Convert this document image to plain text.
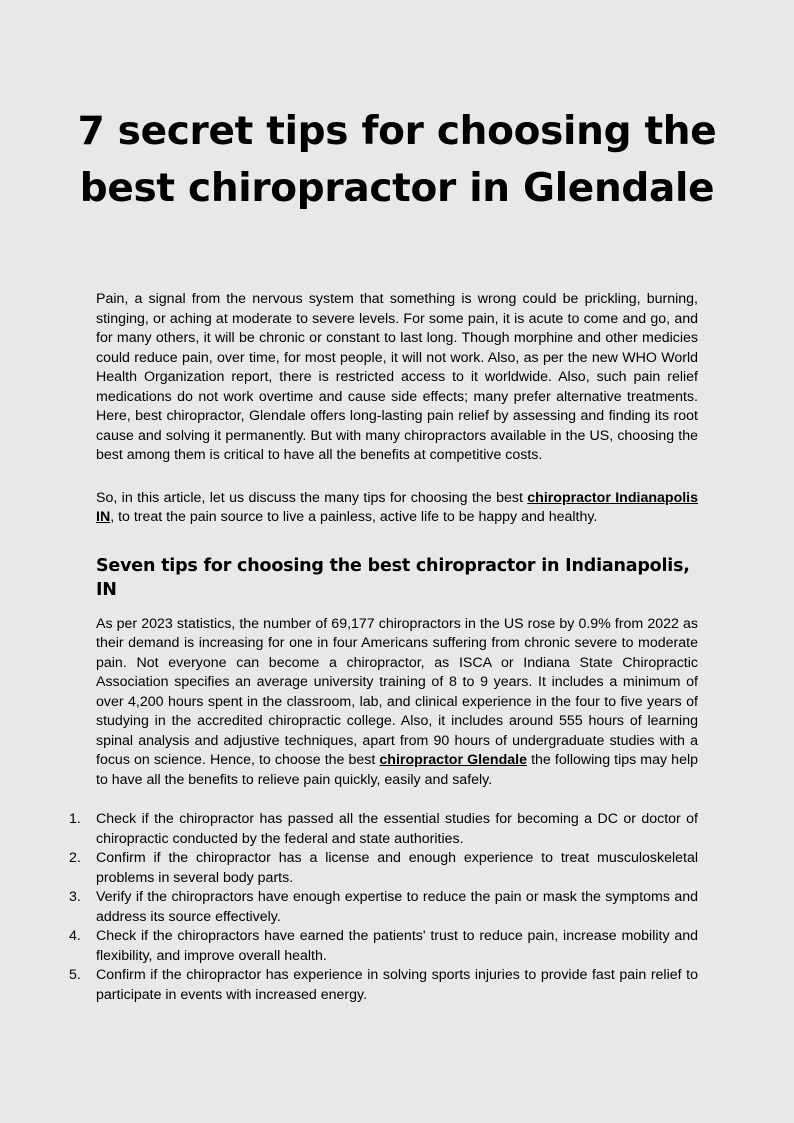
7 secret tips for choosing the best chiropractor in Glendale

Pain, a signal from the nervous system that something is wrong could be prickling, burning, stinging, or aching at moderate to severe levels. For some pain, it is acute to come and go, and for many others, it will be chronic or constant to last long. Though morphine and other medicies could reduce pain, over time, for most people, it will not work. Also, as per the new WHO World Health Organization report, there is restricted access to it worldwide. Also, such pain relief medications do not work overtime and cause side effects; many prefer alternative treatments. Here, best chiropractor, Glendale offers long-lasting pain relief by assessing and finding its root cause and solving it permanently. But with many chiropractors available in the US, choosing the best among them is critical to have all the benefits at competitive costs.

So, in this article, let us discuss the many tips for choosing the best chiropractor Indianapolis IN, to treat the pain source to live a painless, active life to be happy and healthy.

Seven tips for choosing the best chiropractor in Indianapolis, IN

As per 2023 statistics, the number of 69,177 chiropractors in the US rose by 0.9% from 2022 as their demand is increasing for one in four Americans suffering from chronic severe to moderate pain. Not everyone can become a chiropractor, as ISCA or Indiana State Chiropractic Association specifies an average university training of 8 to 9 years. It includes a minimum of over 4,200 hours spent in the classroom, lab, and clinical experience in the four to five years of studying in the accredited chiropractic college. Also, it includes around 555 hours of learning spinal analysis and adjustive techniques, apart from 90 hours of undergraduate studies with a focus on science. Hence, to choose the best chiropractor Glendale the following tips may help to have all the benefits to relieve pain quickly, easily and safely.

1. Check if the chiropractor has passed all the essential studies for becoming a DC or doctor of chiropractic conducted by the federal and state authorities.
2. Confirm if the chiropractor has a license and enough experience to treat musculoskeletal problems in several body parts.
3. Verify if the chiropractors have enough expertise to reduce the pain or mask the symptoms and address its source effectively.
4. Check if the chiropractors have earned the patients' trust to reduce pain, increase mobility and flexibility, and improve overall health.
5. Confirm if the chiropractor has experience in solving sports injuries to provide fast pain relief to participate in events with increased energy.
